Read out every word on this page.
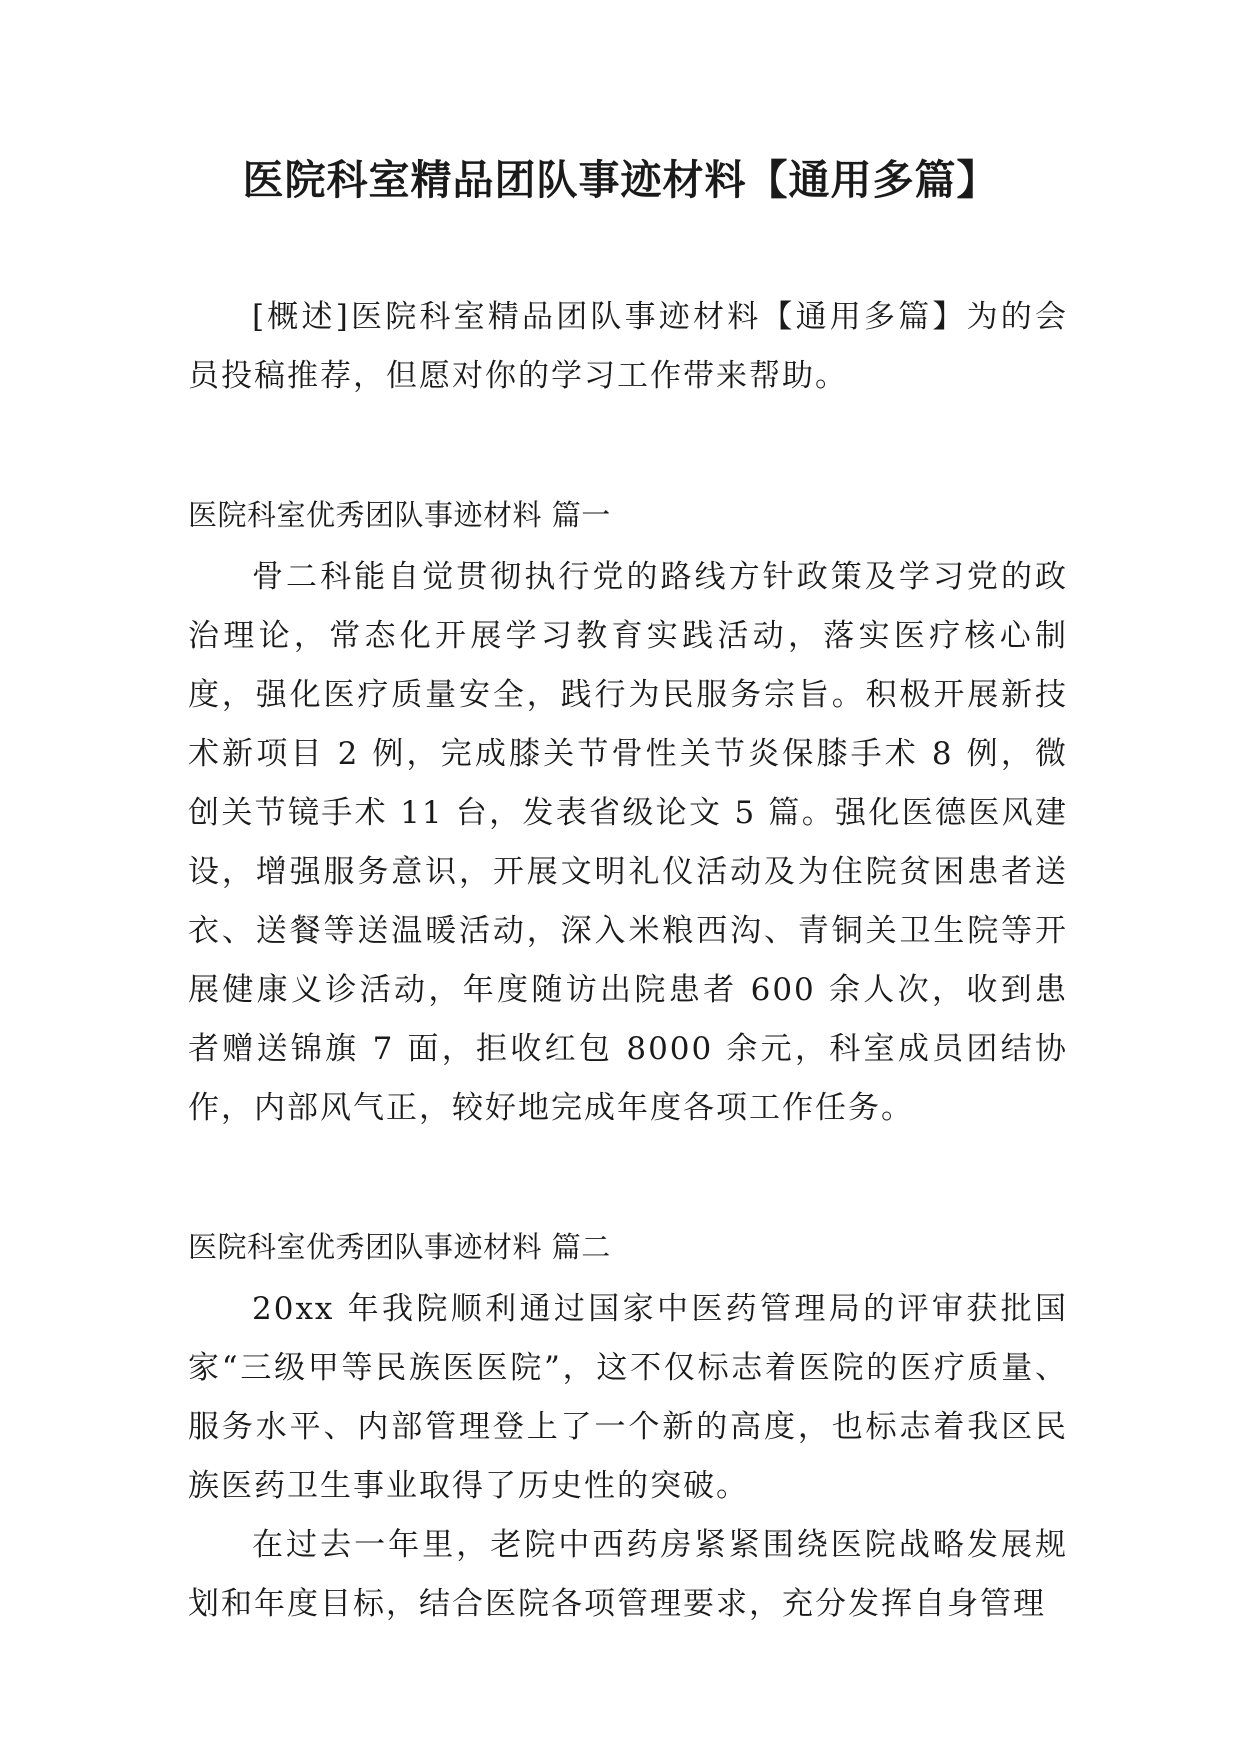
医院科室精品团队事迹材料【通用多篇】

[概述]医院科室精品团队事迹材料【通用多篇】为的会员投稿推荐，但愿对你的学习工作带来帮助。

医院科室优秀团队事迹材料 篇一

骨二科能自觉贯彻执行党的路线方针政策及学习党的政治理论，常态化开展学习教育实践活动，落实医疗核心制度，强化医疗质量安全，践行为民服务宗旨。积极开展新技术新项目 2 例，完成膝关节骨性关节炎保膝手术 8 例，微创关节镜手术 11 台，发表省级论文 5 篇。强化医德医风建设，增强服务意识，开展文明礼仪活动及为住院贫困患者送衣、送餐等送温暖活动，深入米粮西沟、青铜关卫生院等开展健康义诊活动，年度随访出院患者 600 余人次，收到患者赠送锦旗 7 面，拒收红包 8000 余元，科室成员团结协作，内部风气正，较好地完成年度各项工作任务。

医院科室优秀团队事迹材料 篇二

20xx 年我院顺利通过国家中医药管理局的评审获批国家“三级甲等民族医医院”，这不仅标志着医院的医疗质量、服务水平、内部管理登上了一个新的高度，也标志着我区民族医药卫生事业取得了历史性的突破。

在过去一年里，老院中西药房紧紧围绕医院战略发展规划和年度目标，结合医院各项管理要求，充分发挥自身管理
